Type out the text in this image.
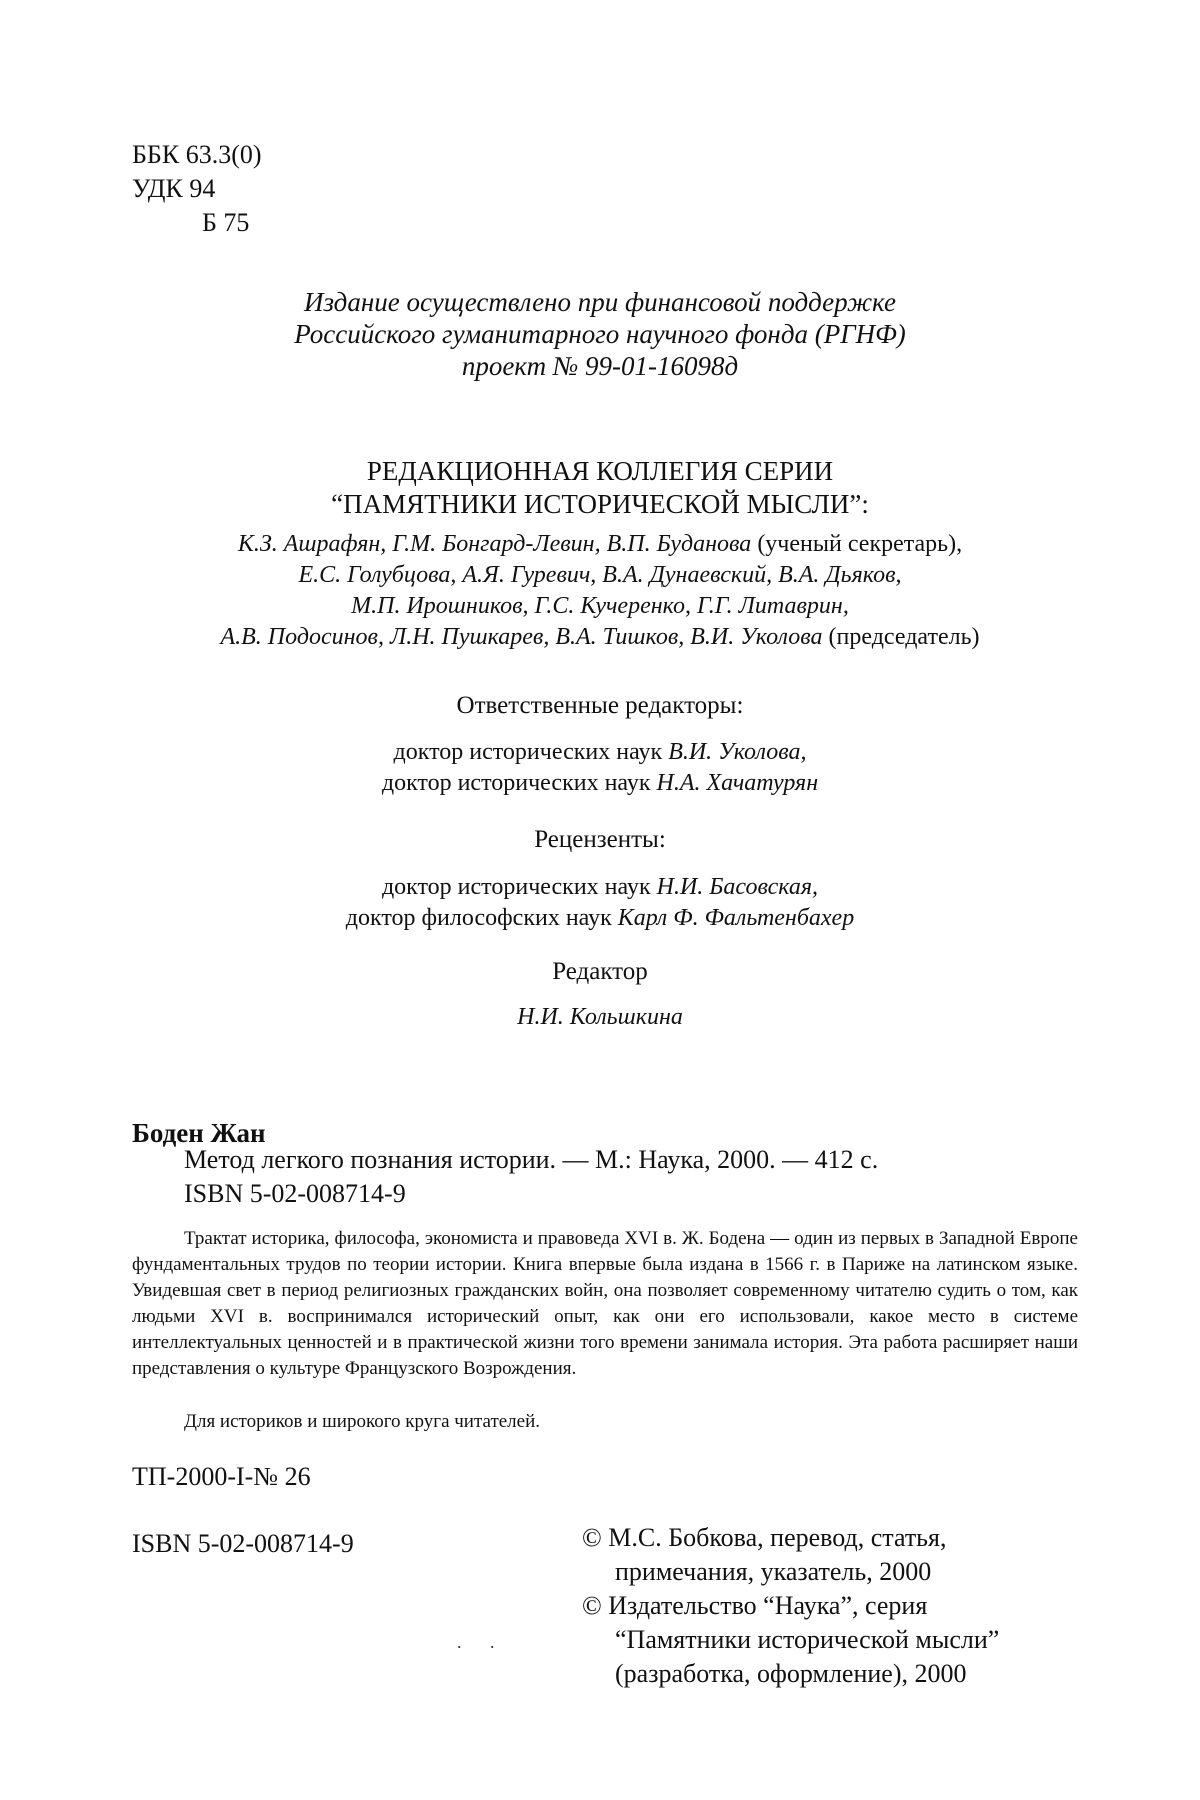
ББК 63.3(0)
УДК 94
Б 75
Издание осуществлено при финансовой поддержке
Российского гуманитарного научного фонда (РГНФ)
проект № 99-01-16098д
РЕДАКЦИОННАЯ КОЛЛЕГИЯ СЕРИИ
“ПАМЯТНИКИ ИСТОРИЧЕСКОЙ МЫСЛИ”:
К.З. Ашрафян, Г.М. Бонгард-Левин, В.П. Буданова (ученый секретарь),
Е.С. Голубцова, А.Я. Гуревич, В.А. Дунаевский, В.А. Дьяков,
М.П. Ирошников, Г.С. Кучеренко, Г.Г. Литаврин,
А.В. Подосинов, Л.Н. Пушкарев, В.А. Тишков, В.И. Уколова (председатель)
Ответственные редакторы:
доктор исторических наук В.И. Уколова,
доктор исторических наук Н.А. Хачатурян
Рецензенты:
доктор исторических наук Н.И. Басовская,
доктор философских наук Карл Ф. Фальтенбахер
Редактор
Н.И. Кольшкина
Боден Жан
Метод легкого познания истории. — М.: Наука, 2000. — 412 с.
ISBN 5-02-008714-9
Трактат историка, философа, экономиста и правоведа XVI в. Ж. Бодена — один из первых в Западной Европе фундаментальных трудов по теории истории. Книга впервые была издана в 1566 г. в Париже на латинском языке. Увидевшая свет в период религиозных гражданских войн, она позволяет современному читателю судить о том, как людьми XVI в. воспринимался исторический опыт, как они его использовали, какое место в системе интеллектуальных ценностей и в практической жизни того времени занимала история. Эта работа расширяет наши представления о культуре Французского Возрождения.
Для историков и широкого круга читателей.
ТП-2000-I-№ 26
ISBN 5-02-008714-9	© М.С. Бобкова, перевод, статья,
примечания, указатель, 2000
© Издательство “Наука”, серия
“Памятники исторической мысли”
(разработка, оформление), 2000
. .
